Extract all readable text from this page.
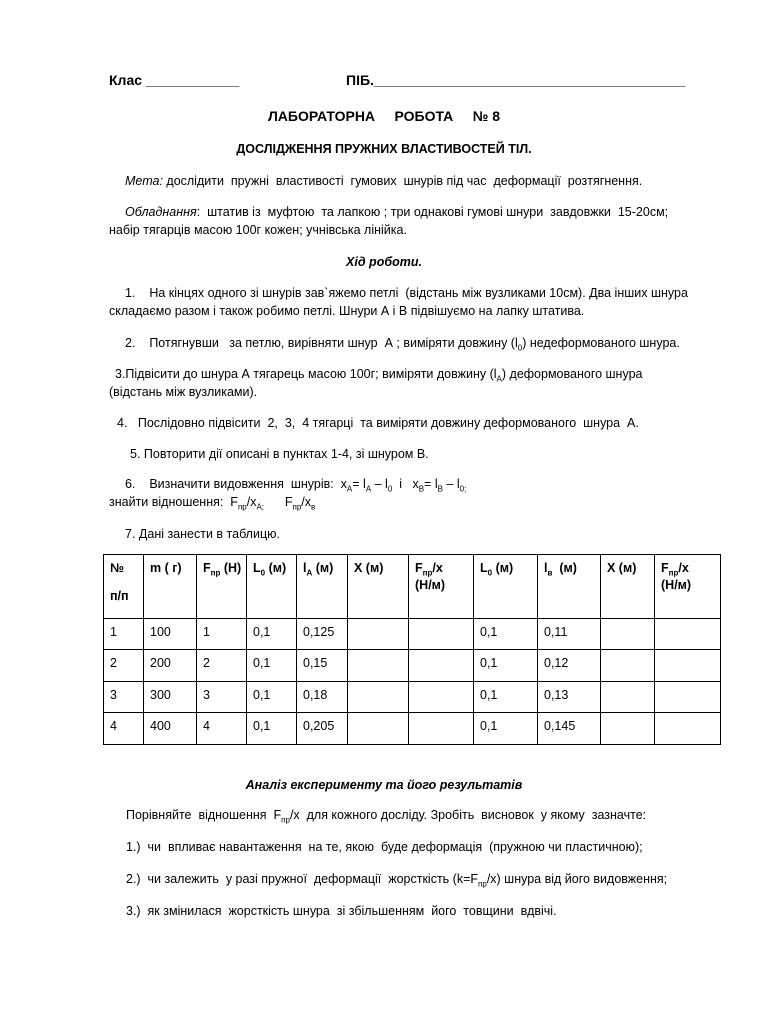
Клас ____________	ПІБ.________________________________________
ЛАБОРАТОРНА     РОБОТА     № 8
ДОСЛІДЖЕННЯ ПРУЖНИХ ВЛАСТИВОСТЕЙ ТІЛ.
Мета: дослідити  пружні  властивості  гумових  шнурів під час  деформації  розтягнення.
Обладнання:  штатив із  муфтою  та лапкою ; три однакові гумові шнури  завдовжки  15-20см;
набір тягарців масою 100г кожен; учнівська лінійка.
Хід роботи.
1.    На кінцях одного зі шнурів зав`яжемо петлі  (відстань між вузликами 10см). Два інших шнура
складаємо разом і також робимо петлі. Шнури А і В підвішуємо на лапку штатива.
2.    Потягнувши   за петлю, вирівняти шнур  А ; виміряти довжину $(l_0)$ недеформованого шнура.
3.Підвісити до шнура А тягарець масою 100г; виміряти довжину $(l_А)$ деформованого шнура
(відстань між вузликами).
4.   Послідовно підвісити  2,  3,  4 тягарці  та виміряти довжину деформованого  шнура  А.
5. Повторити дії описані в пунктах 1-4, зі шнуром В.
6.    Визначити видовження  шнурів:  $х_А= l_А - l_0$  і   $х_В= l_В - l_{0;}$
знайти відношення:  $F_{пр}/х_{А;}$      $F_{пр}/х_в$
7. Дані занести в таблицю.
№

п/п	m ( г)	$F_{пр}$ (Н)	$L_0$ (м)	$l_А$ (м)	Х (м)	$F_{пр}/х$
(Н/м)	$L_0$ (м)	$l_в$  (м)	Х (м)	$F_{пр}/х$
(Н/м)
1	100	1	0,1	0,125			0,1	0,11		
2	200	2	0,1	0,15			0,1	0,12		
3	300	3	0,1	0,18			0,1	0,13		
4	400	4	0,1	0,205			0,1	0,145		
Аналіз експерименту та його результатів
Порівняйте  відношення  $F_{пр}/х$  для кожного досліду. Зробіть  висновок  у якому  зазначте:
1.)  чи  впливає навантаження  на те, якою  буде деформація  (пружною чи пластичною);
2.)  чи залежить  у разі пружної  деформації  жорсткість $(k=F_{пр}/х)$ шнура від його видовження;
3.)  як змінилася  жорсткість шнура  зі збільшенням  його  товщини  вдвічі.
